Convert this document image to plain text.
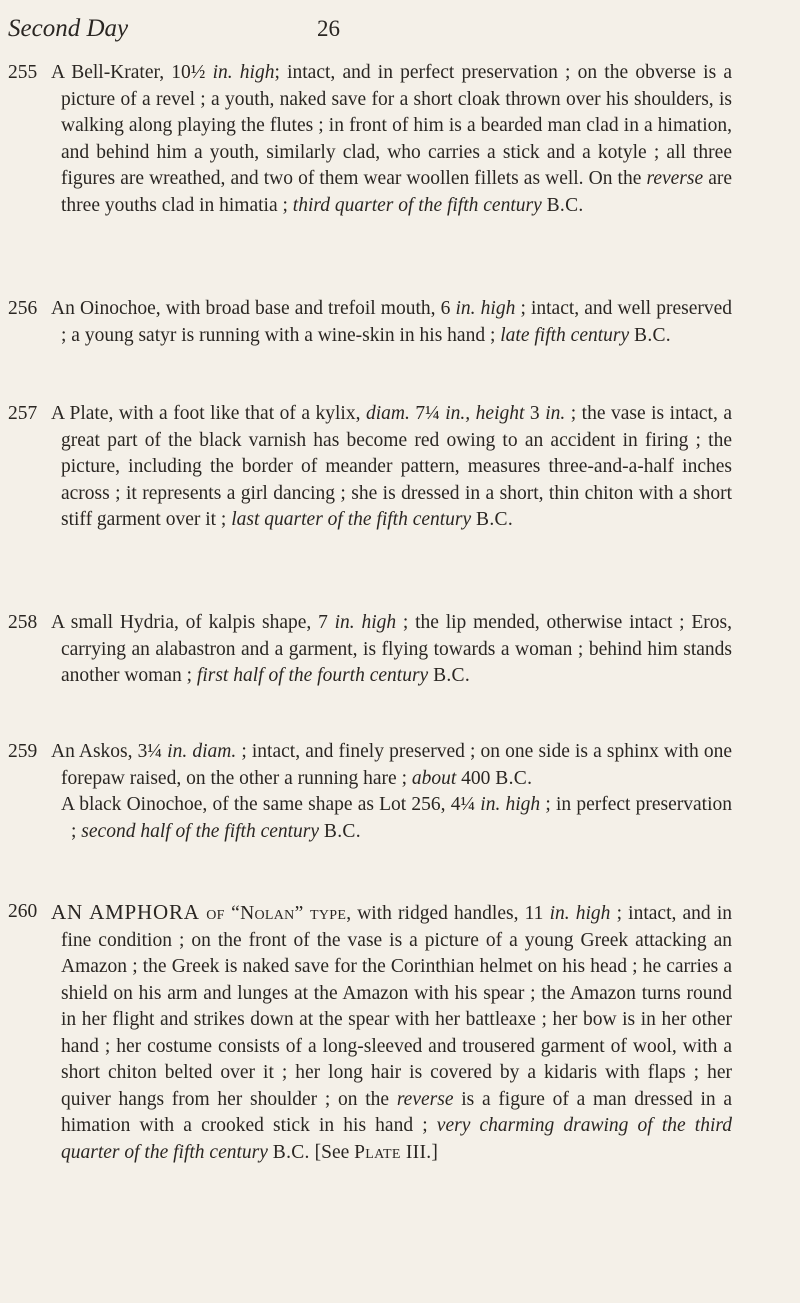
Second Day	26
255 A Bell-Krater, 10½ in. high; intact, and in perfect preservation ; on the obverse is a picture of a revel ; a youth, naked save for a short cloak thrown over his shoulders, is walking along playing the flutes ; in front of him is a bearded man clad in a himation, and behind him a youth, similarly clad, who carries a stick and a kotyle ; all three figures are wreathed, and two of them wear woollen fillets as well. On the reverse are three youths clad in himatia ; third quarter of the fifth century B.C.
256 An Oinochoe, with broad base and trefoil mouth, 6 in. high ; intact, and well preserved ; a young satyr is running with a wine-skin in his hand ; late fifth century B.C.
257 A Plate, with a foot like that of a kylix, diam. 7¼ in., height 3 in. ; the vase is intact, a great part of the black varnish has become red owing to an accident in firing ; the picture, including the border of meander pattern, measures three-and-a-half inches across ; it represents a girl dancing ; she is dressed in a short, thin chiton with a short stiff garment over it ; last quarter of the fifth century B.C.
258 A small Hydria, of kalpis shape, 7 in. high ; the lip mended, otherwise intact ; Eros, carrying an alabastron and a garment, is flying towards a woman ; behind him stands another woman ; first half of the fourth century B.C.
259 An Askos, 3¼ in. diam. ; intact, and finely preserved ; on one side is a sphinx with one forepaw raised, on the other a running hare ; about 400 B.C.
A black Oinochoe, of the same shape as Lot 256, 4¼ in. high ; in perfect preservation ; second half of the fifth century B.C.
260 AN AMPHORA of “Nolan” type, with ridged handles, 11 in. high ; intact, and in fine condition ; on the front of the vase is a picture of a young Greek attacking an Amazon ; the Greek is naked save for the Corinthian helmet on his head ; he carries a shield on his arm and lunges at the Amazon with his spear ; the Amazon turns round in her flight and strikes down at the spear with her battleaxe ; her bow is in her other hand ; her costume consists of a long-sleeved and trousered garment of wool, with a short chiton belted over it ; her long hair is covered by a kidaris with flaps ; her quiver hangs from her shoulder ; on the reverse is a figure of a man dressed in a himation with a crooked stick in his hand ; very charming drawing of the third quarter of the fifth century B.C. [See Plate III.]
